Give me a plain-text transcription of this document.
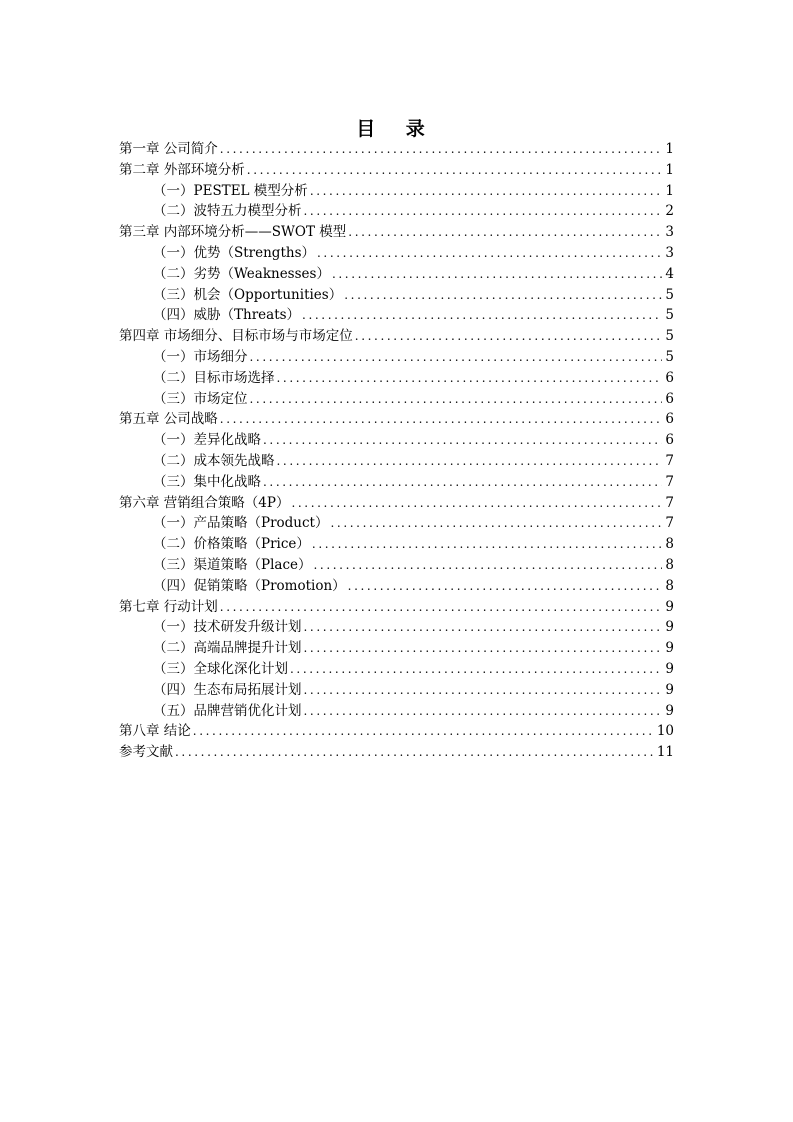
目 录
第一章 公司简介 .....	1
第二章 外部环境分析 .....	1
（一）PESTEL 模型分析 .....	1
（二）波特五力模型分析 .....	2
第三章 内部环境分析——SWOT 模型 .....	3
（一）优势（Strengths） .....	3
（二）劣势（Weaknesses） .....	4
（三）机会（Opportunities） .....	5
（四）威胁（Threats） .....	5
第四章 市场细分、目标市场与市场定位 .....	5
（一）市场细分 .....	5
（二）目标市场选择 .....	6
（三）市场定位 .....	6
第五章 公司战略 .....	6
（一）差异化战略 .....	6
（二）成本领先战略 .....	7
（三）集中化战略 .....	7
第六章 营销组合策略（4P） .....	7
（一）产品策略（Product） .....	7
（二）价格策略（Price） .....	8
（三）渠道策略（Place） .....	8
（四）促销策略（Promotion） .....	8
第七章 行动计划 .....	9
（一）技术研发升级计划 .....	9
（二）高端品牌提升计划 .....	9
（三）全球化深化计划 .....	9
（四）生态布局拓展计划 .....	9
（五）品牌营销优化计划 .....	9
第八章 结论 .....	10
参考文献 .....	11
